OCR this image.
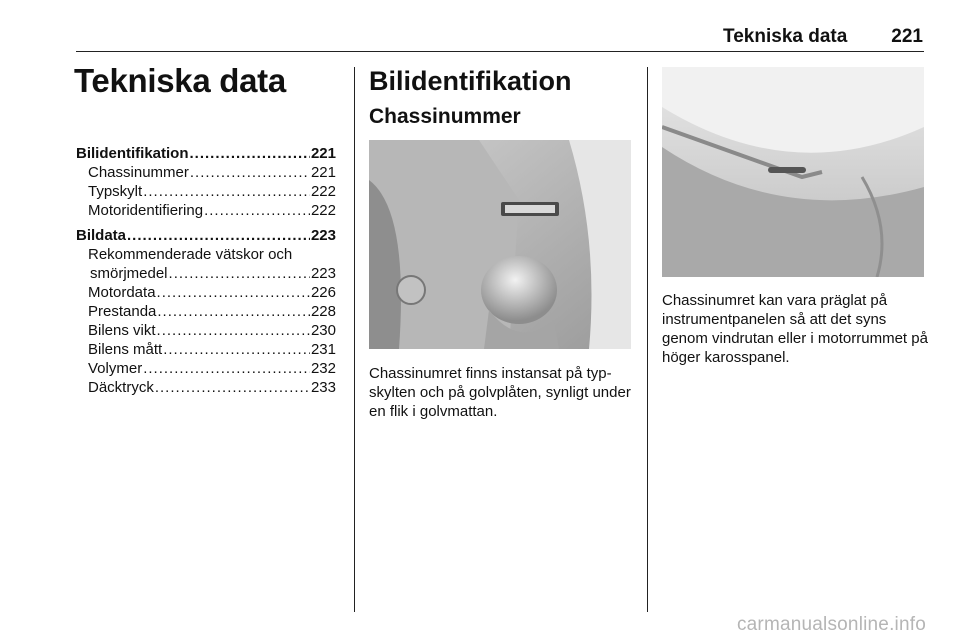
Tekniska data 221
Tekniska data
Bilidentifikation .....	221
Chassinummer .....	221
Typskylt .....	222
Motoridentifiering .....	222
Bildata .....	223
Rekommenderade vätskor och
smörjmedel .....	223
Motordata .....	226
Prestanda .....	228
Bilens vikt .....	230
Bilens mått .....	231
Volymer .....	232
Däcktryck .....	233
Bilidentifikation
Chassinummer

Chassinumret finns instansat på typ-skylten och på golvplåten, synligt under en flik i golvmattan.

Chassinumret kan vara präglat på instrumentpanelen så att det syns genom vindrutan eller i motorrummet på höger karosspanel.

carmanualsonline.info
